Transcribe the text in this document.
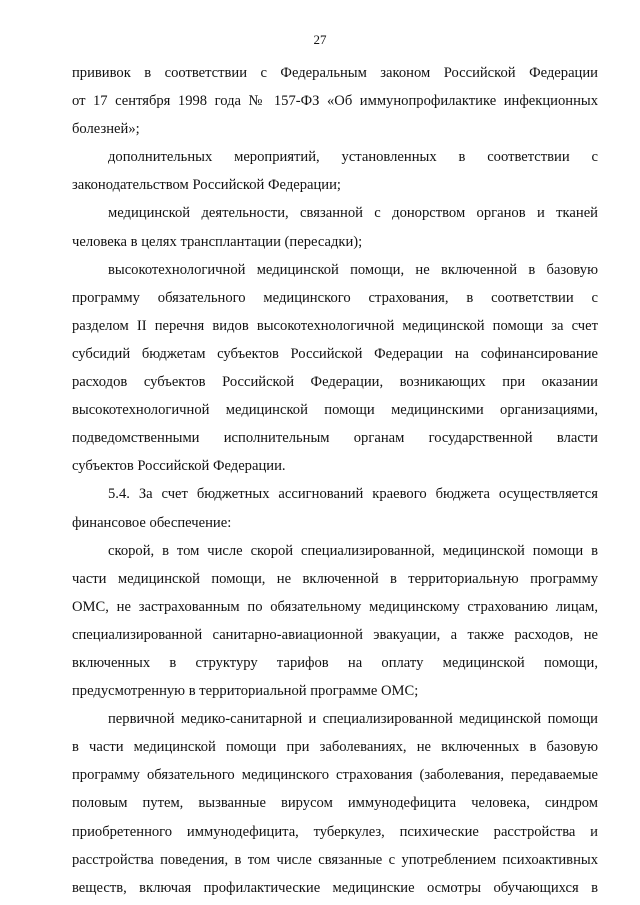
27
прививок в соответствии с Федеральным законом Российской Федерации
от 17 сентября 1998 года № 157-ФЗ «Об иммунопрофилактике инфекционных
болезней»;
дополнительных мероприятий, установленных в соответствии с
законодательством Российской Федерации;
медицинской деятельности, связанной с донорством органов и тканей
человека в целях трансплантации (пересадки);
высокотехнологичной медицинской помощи, не включенной в базовую
программу обязательного медицинского страхования, в соответствии с
разделом II перечня видов высокотехнологичной медицинской помощи за счет
субсидий бюджетам субъектов Российской Федерации на софинансирование
расходов субъектов Российской Федерации, возникающих при оказании
высокотехнологичной медицинской помощи медицинскими организациями,
подведомственными исполнительным органам государственной власти
субъектов Российской Федерации.
5.4. За счет бюджетных ассигнований краевого бюджета осуществляется
финансовое обеспечение:
скорой, в том числе скорой специализированной, медицинской помощи в
части медицинской помощи, не включенной в территориальную программу
ОМС, не застрахованным по обязательному медицинскому страхованию лицам,
специализированной санитарно-авиационной эвакуации, а также расходов, не
включенных в структуру тарифов на оплату медицинской помощи,
предусмотренную в территориальной программе ОМС;
первичной медико-санитарной и специализированной медицинской помощи
в части медицинской помощи при заболеваниях, не включенных в базовую
программу обязательного медицинского страхования (заболевания, передаваемые
половым путем, вызванные вирусом иммунодефицита человека, синдром
приобретенного иммунодефицита, туберкулез, психические расстройства и
расстройства поведения, в том числе связанные с употреблением психоактивных
веществ, включая профилактические медицинские осмотры обучающихся в
